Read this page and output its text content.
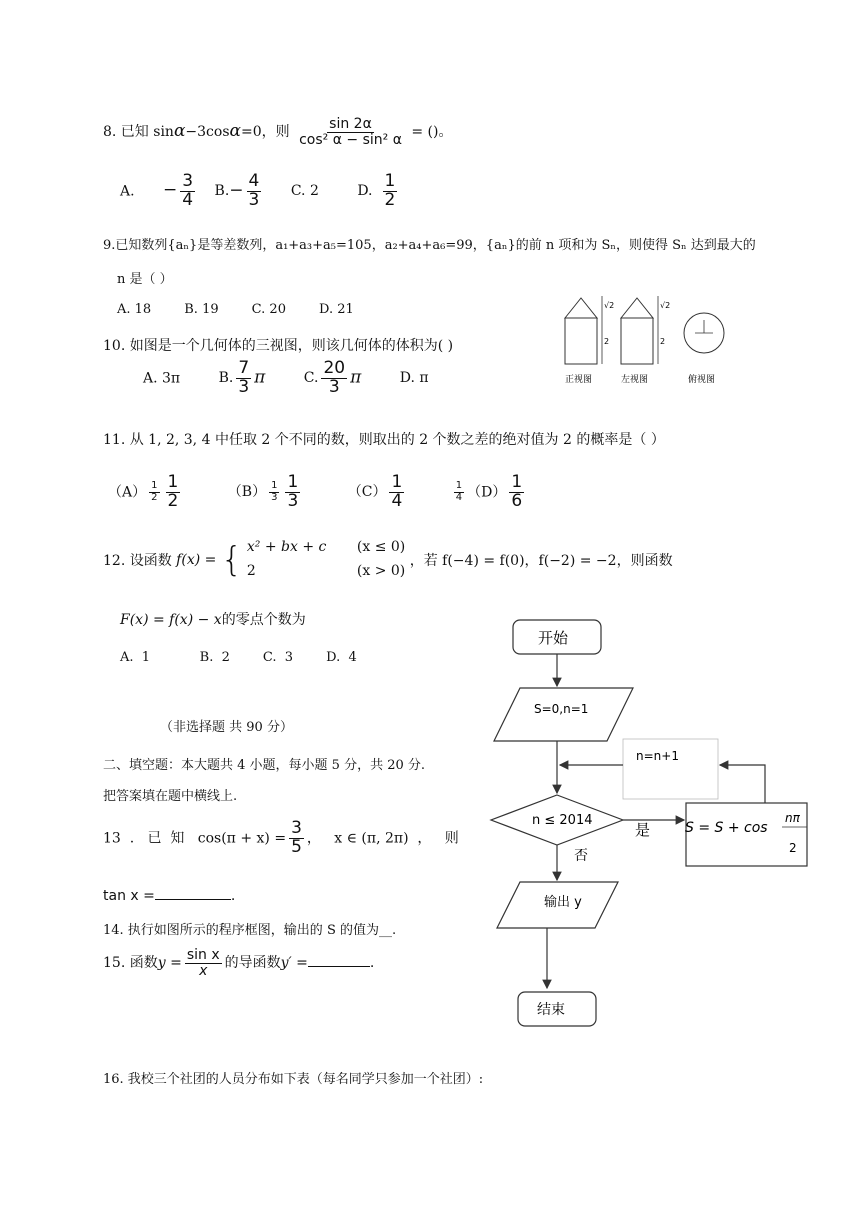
8. 已知 sinα−3cosα=0，则 $\frac{\sin 2\alpha}{\text{cos² α − sin² α}}$ = ()。
A. − $\frac{3}{4} B.- \frac{4}{3} C$. 2	D. $\frac{1}{2}$
9.已知数列{aₙ}是等差数列，a₁+a₃+a₅=105，a₂+a₄+a₆=99，{aₙ}的前 n 项和为 Sₙ，则使得 Sₙ 达到最大的
n 是（ ）
A. 18        B. 19        C. 20        D. 21
10. 如图是一个几何体的三视图，则该几何体的体积为( )
A. 3π	B. $\frac{7}{3}$ π	C. $\frac{20}{3}$ π	D. π
√2
2
正视图
√2
2
左视图	俯视图
11. 从 1, 2, 3, 4 中任取 2 个不同的数，则取出的 2 个数之差的绝对值为 2 的概率是（ ）
$(A) \frac{1}{2} \frac{1}{2}$	$(B) \frac{1}{3} \frac{1}{3}$	$(C) \frac{1}{4}$
	$\frac{1}{4} (D) \frac{1}{6}$
12. 设函数 f(x) = { x² + bx + c (x ≤ 0)
2	(x > 0) ，若 f(−4) = f(0)，f(−2) = −2，则函数
F(x) = f(x) − x的零点个数为
A.  1            B.  2        C.  3        D.  4
（非选择题 共 90 分）
二、填空题：本大题共 4 小题，每小题 5 分，共 20 分.
把答案填在题中横线上.
13  .   已  知   $\cos(\pi + x) = \frac{3}{5}$ ，   x ∈ (π, 2π)  ，   则
tan x =	.
14. 执行如图所示的程序框图，输出的 S 的值为__.
15. 函数$y = \frac{\text{sin x}}{x}$ 的导函数y′ =	.
16. 我校三个社团的人员分布如下表（每名同学只参加一个社团）:
开始
S=0,n=1
n=n+1
n ≤ 2014
是 S = S + cos
nπ
2
否
输出 y
结束
